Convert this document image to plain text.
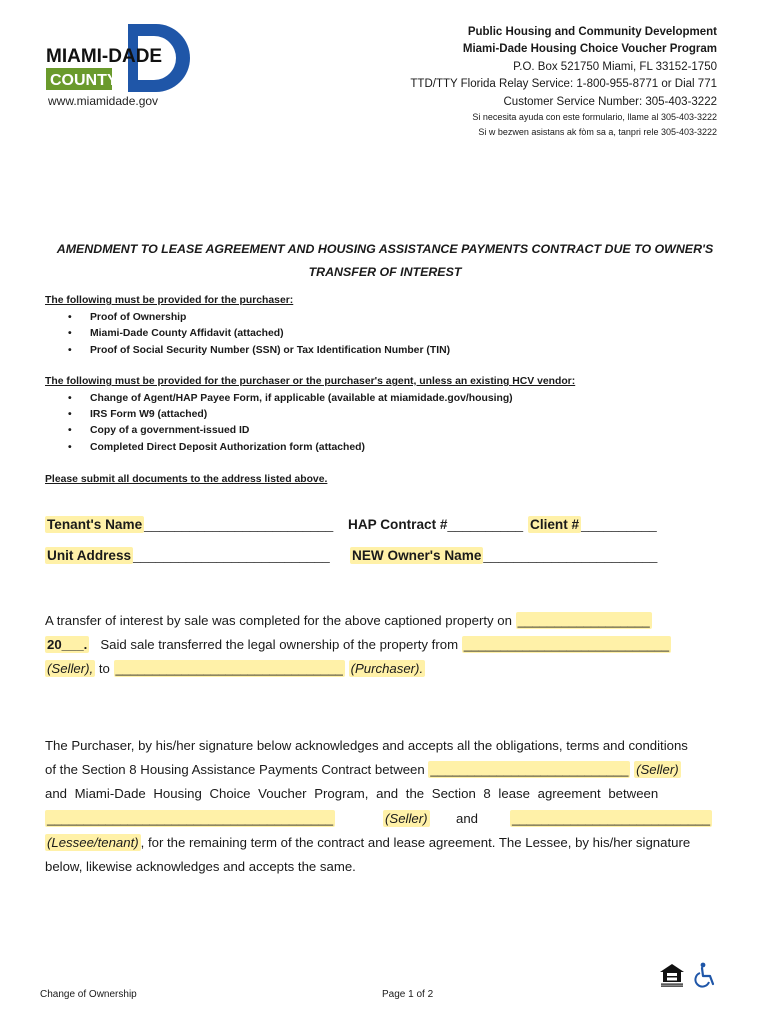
MIAMI-DADE
COUNTY
www.miamidade.gov
Public Housing and Community Development
Miami-Dade Housing Choice Voucher Program
P.O. Box 521750 Miami, FL 33152-1750
TTD/TTY Florida Relay Service: 1-800-955-8771 or Dial 771
Customer Service Number: 305-403-3222
Si necesita ayuda con este formulario, llame al 305-403-3222
Si w bezwen asistans ak fòm sa a, tanpri rele 305-403-3222
AMENDMENT TO LEASE AGREEMENT AND HOUSING ASSISTANCE PAYMENTS CONTRACT DUE TO OWNER'S
TRANSFER OF INTEREST
The following must be provided for the purchaser:
• Proof of Ownership
• Miami-Dade County Affidavit (attached)
• Proof of Social Security Number (SSN) or Tax Identification Number (TIN)
The following must be provided for the purchaser or the purchaser's agent, unless an existing HCV vendor:
• Change of Agent/HAP Payee Form, if applicable (available at miamidade.gov/housing)
• IRS Form W9 (attached)
• Copy of a government-issued ID
• Completed Direct Deposit Authorization form (attached)
Please submit all documents to the address listed above.
Tenant's Name _________________________ HAP Contract #__________ Client # __________
Unit Address __________________________ NEW Owner's Name _______________________
A transfer of interest by sale was completed for the above captioned property on __________________
20___. Said sale transferred the legal ownership of the property from ____________________________
(Seller), to _______________________________ (Purchaser).
The Purchaser, by his/her signature below acknowledges and accepts all the obligations, terms and conditions
of the Section 8 Housing Assistance Payments Contract between ___________________________ (Seller)
and Miami-Dade Housing Choice Voucher Program, and the Section 8 lease agreement between
_______________________________________	(Seller) and	___________________________
(Lessee/tenant) , for the remaining term of the contract and lease agreement. The Lessee, by his/her signature
below, likewise acknowledges and accepts the same.
Change of Ownership	Page 1 of 2
